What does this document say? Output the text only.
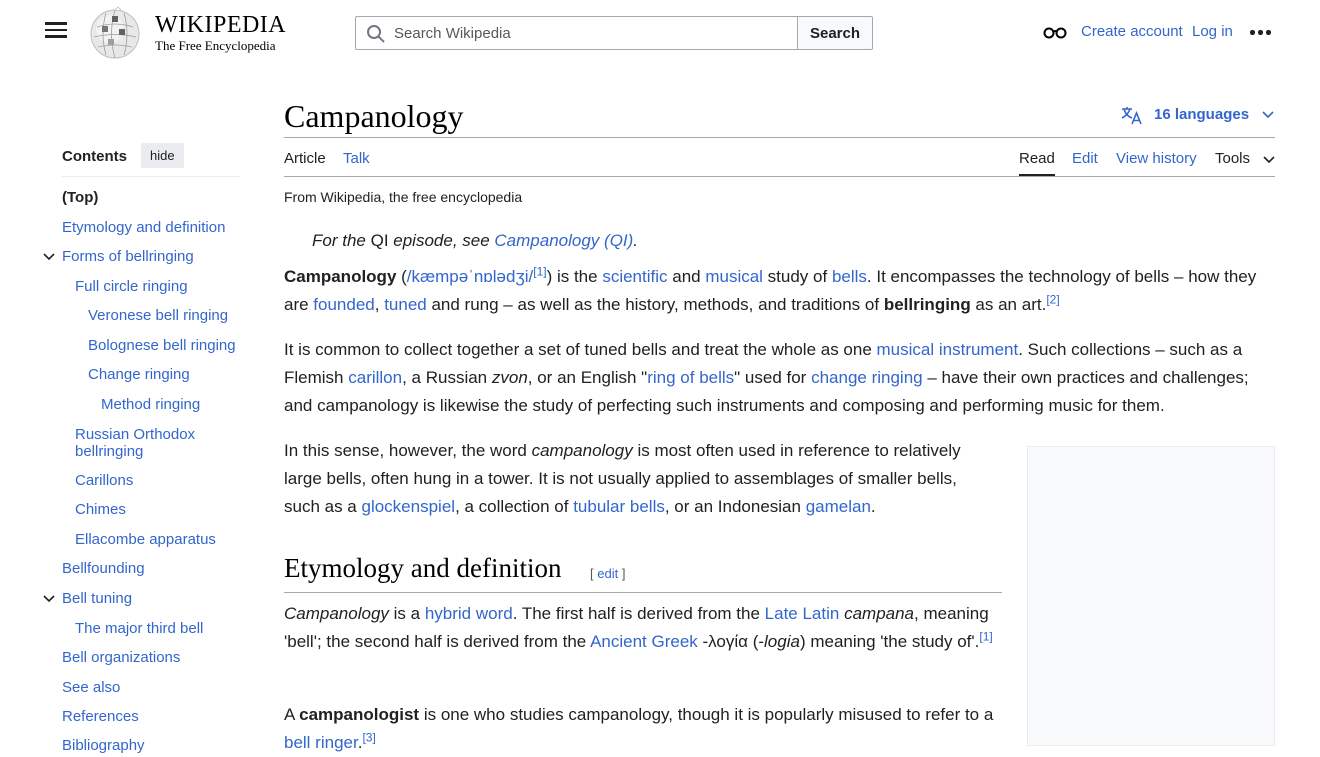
WIKIPEDIA
The Free Encyclopedia
Search Wikipedia
Search	Create account Log in
Contents	hide
(Top)
Etymology and definition
Forms of bellringing
Full circle ringing
Veronese bell ringing
Bolognese bell ringing
Change ringing
Method ringing
Russian Orthodox bellringing
Carillons
Chimes
Ellacombe apparatus
Bellfounding
Bell tuning
The major third bell
Bell organizations
See also
References
Bibliography
Campanology	16 languages
Article Talk	Read Edit View history Tools
From Wikipedia, the free encyclopedia
For the QI episode, see Campanology (QI).

Campanology (/kæmpəˈnɒlədʒi/[1]) is the scientific and musical study of bells. It encompasses the technology of bells – how they are founded, tuned and rung – as well as the history, methods, and traditions of bellringing as an art.[2]

It is common to collect together a set of tuned bells and treat the whole as one musical instrument. Such collections – such as a Flemish carillon, a Russian zvon, or an English "ring of bells" used for change ringing – have their own practices and challenges; and campanology is likewise the study of perfecting such instruments and composing and performing music for them.

In this sense, however, the word campanology is most often used in reference to relatively large bells, often hung in a tower. It is not usually applied to assemblages of smaller bells, such as a glockenspiel, a collection of tubular bells, or an Indonesian gamelan.

Etymology and definition [ edit ]

Campanology is a hybrid word. The first half is derived from the Late Latin campana, meaning 'bell'; the second half is derived from the Ancient Greek -λογία (-logia) meaning 'the study of'.[1]

A campanologist is one who studies campanology, though it is popularly misused to refer to a bell ringer.[3]
